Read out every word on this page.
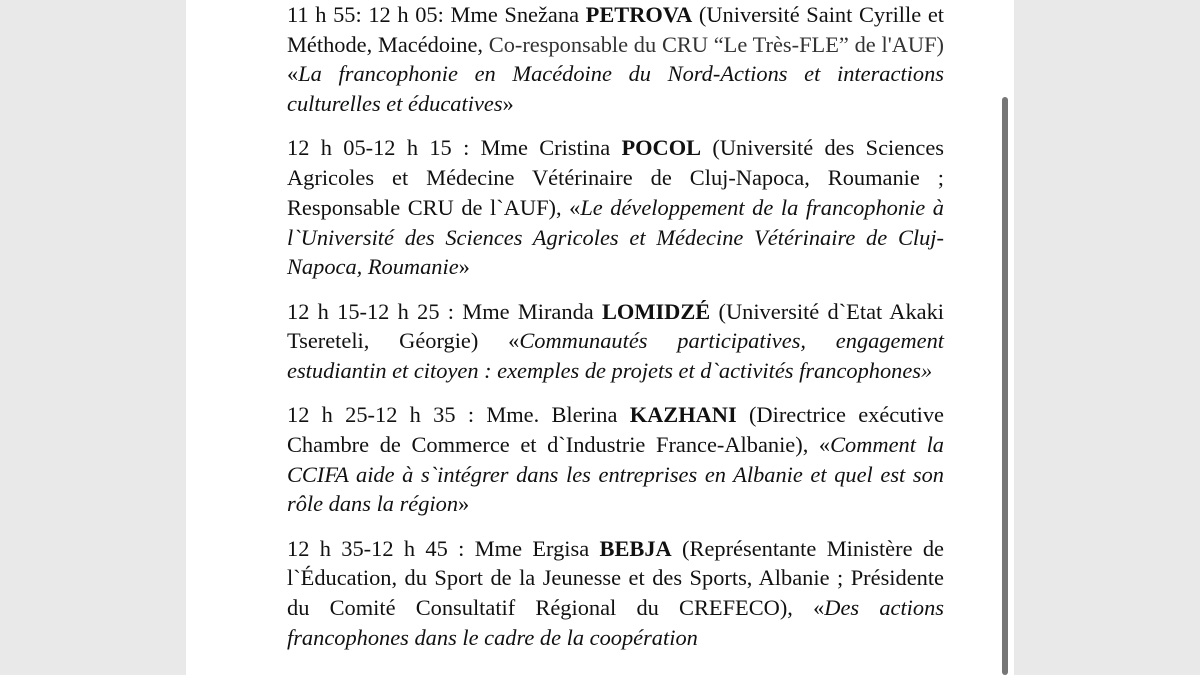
11 h 55: 12 h 05: Mme Snežana PETROVA (Université Saint Cyrille et Méthode, Macédoine, Co-responsable du CRU “Le Très-FLE” de l'AUF) «La francophonie en Macédoine du Nord-Actions et interactions culturelles et éducatives»

12 h 05-12 h 15 : Mme Cristina POCOL (Université des Sciences Agricoles et Médecine Vétérinaire de Cluj-Napoca, Roumanie ; Responsable CRU de l`AUF), «Le développement de la francophonie à l`Université des Sciences Agricoles et Médecine Vétérinaire de Cluj-Napoca, Roumanie»

12 h 15-12 h 25 : Mme Miranda LOMIDZÉ (Université d`Etat Akaki Tsereteli, Géorgie) «Communautés participatives, engagement estudiantin et citoyen : exemples de projets et d`activités francophones»

12 h 25-12 h 35 : Mme. Blerina KAZHANI (Directrice exécutive Chambre de Commerce et d`Industrie France-Albanie), «Comment la CCIFA aide à s`intégrer dans les entreprises en Albanie et quel est son rôle dans la région»

12 h 35-12 h 45 : Mme Ergisa BEBJA (Représentante Ministère de l`Éducation, du Sport de la Jeunesse et des Sports, Albanie ; Présidente du Comité Consultatif Régional du CREFECO), «Des actions francophones dans le cadre de la coopération
